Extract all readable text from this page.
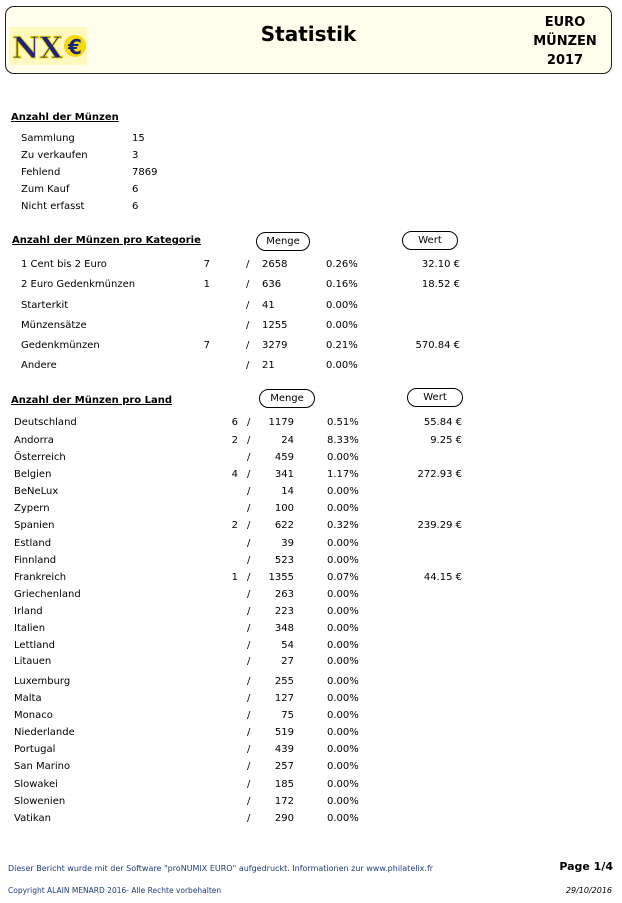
NX €
Statistik	EURO
MÜNZEN
2017
Anzahl der Münzen
Sammlung	15
Zu verkaufen	3
Fehlend	7869
Zum Kauf	6
Nicht erfasst	6
Anzahl der Münzen pro Kategorie	Menge	Wert
1 Cent bis 2 Euro	7	/ 2658	0.26%	32.10 €
2 Euro Gedenkmünzen	1	/ 636	0.16%	18.52 €
Starterkit	/ 41	0.00%
Münzensätze	/ 1255	0.00%
Gedenkmünzen	7	/ 3279	0.21%	570.84 €
Andere	/ 21	0.00%
Anzahl der Münzen pro Land	Menge	Wert
Deutschland	6 /	1179	0.51%	55.84 €
Andorra	2 /	24	8.33%	9.25 €
Österreich	/	459	0.00%
Belgien	4 /	341	1.17%	272.93 €
BeNeLux	/	14	0.00%
Zypern	/	100	0.00%
Spanien	2 /	622	0.32%	239.29 €
Estland	/	39	0.00%
Finnland	/	523	0.00%
Frankreich	1 /	1355	0.07%	44.15 €
Griechenland	/	263	0.00%
Irland	/	223	0.00%
Italien	/	348	0.00%
Lettland	/	54	0.00%
Litauen	/	27	0.00%
Luxemburg	/	255	0.00%
Malta	/	127	0.00%
Monaco	/	75	0.00%
Niederlande	/	519	0.00%
Portugal	/	439	0.00%
San Marino	/	257	0.00%
Slowakei	/	185	0.00%
Slowenien	/	172	0.00%
Vatikan	/	290	0.00%
Dieser Bericht wurde mit der Software "proNUMIX EURO" aufgedruckt. Informationen zur www.philatelix.fr
Copyright ALAIN MENARD 2016- Alle Rechte vorbehalten
Page 1/4
29/10/2016
